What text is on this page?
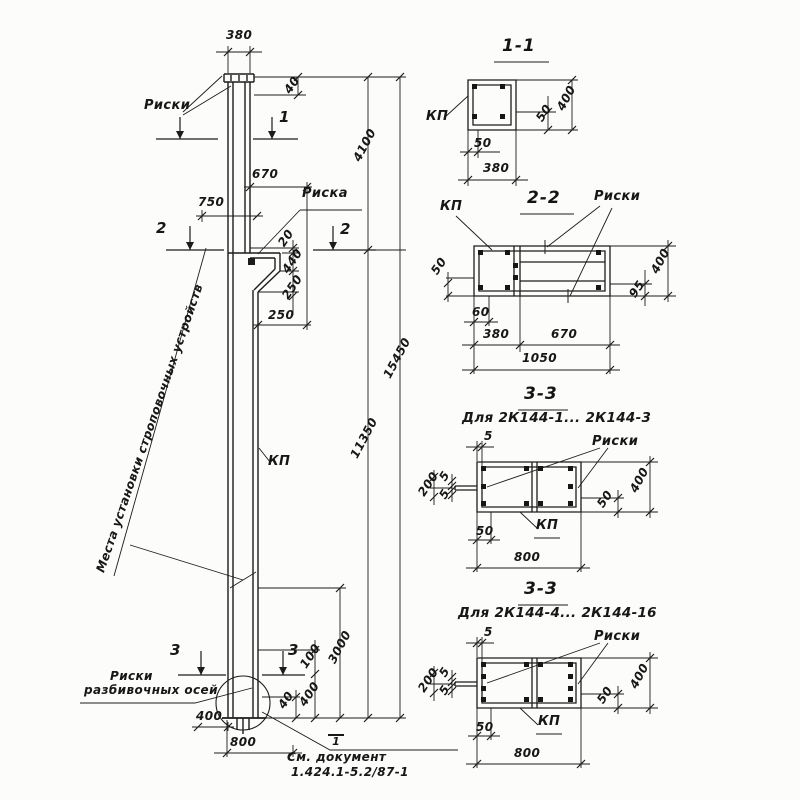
Риски
380
1
670
750
Риска
2	2
20
440
250
250
Места установки строповочных устройств	КП
40
4100
11350
15450
3000
100
40 400
3	3
Риски
разбивочных осей
400
800
См. документ
1.424.1-5.2/87-1
1
1-1
КП
50
380
50
400
2-2
КП
Риски
50
60
380	670
1050
95
400
3-3
Для 2К144-1... 2К144-3
5	Риски
5
200
5
КП
50
800
50
400
3-3
Для 2К144-4... 2К144-16
5	Риски
5
200
5
КП
50
800
50
400
